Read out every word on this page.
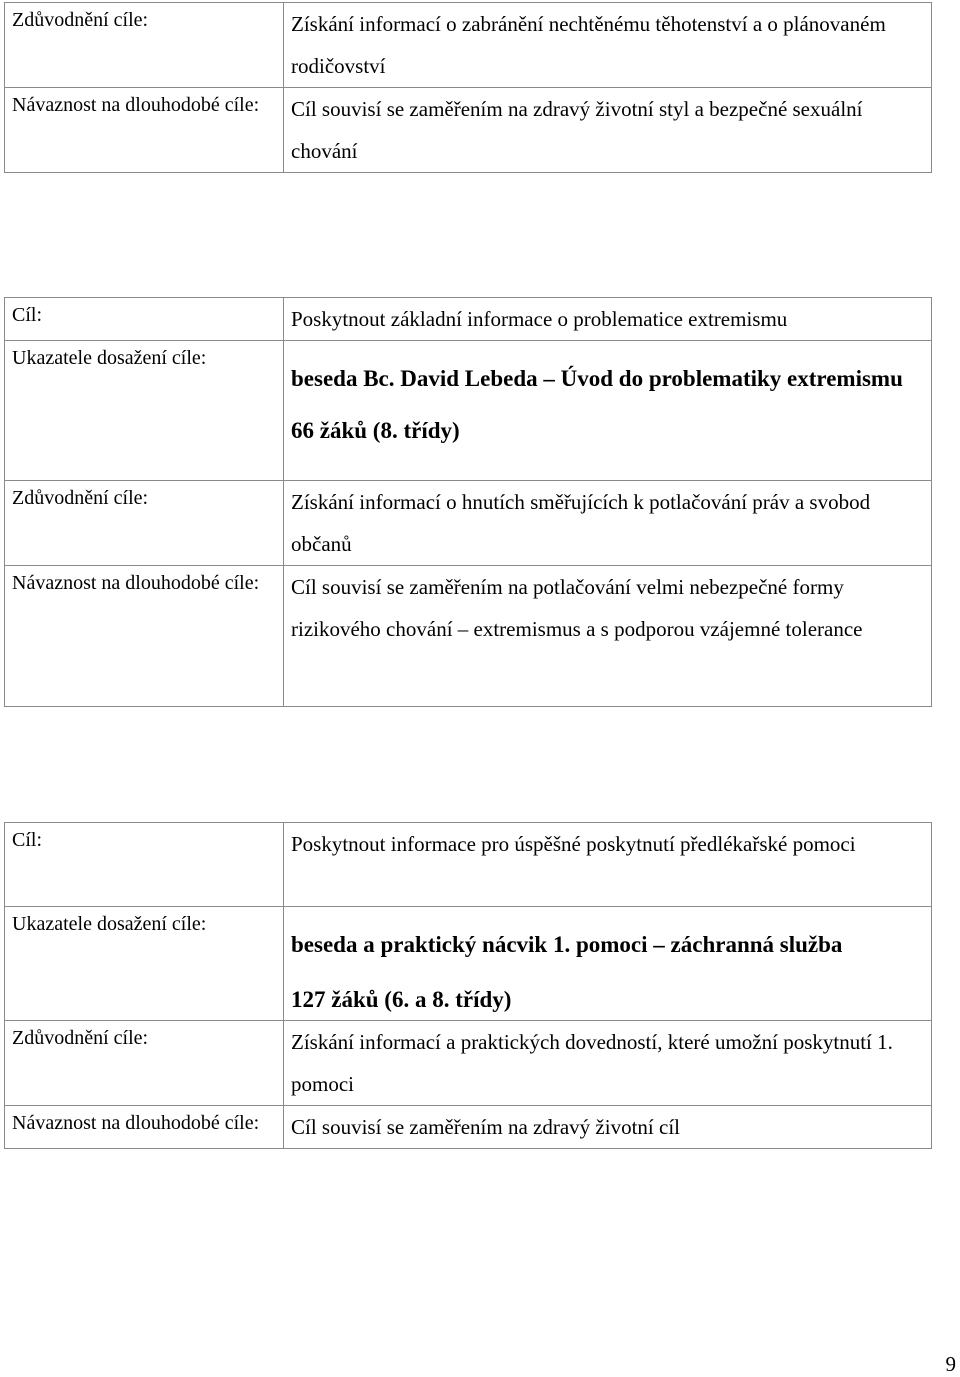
Zdůvodnění cíle:	Získání informací o zabránění nechtěnému těhotenství a o plánovaném rodičovství

Návaznost na dlouhodobé cíle:	Cíl souvisí se zaměřením na zdravý životní styl a bezpečné sexuální chování
Cíl:	Poskytnout základní informace o problematice extremismu

Ukazatele dosažení cíle:	beseda Bc. David Lebeda – Úvod do problematiky extremismu
66 žáků (8. třídy)

Zdůvodnění cíle:	Získání informací o hnutích směřujících k potlačování práv a svobod občanů

Návaznost na dlouhodobé cíle:	Cíl souvisí se zaměřením na potlačování velmi nebezpečné formy rizikového chování – extremismus a s podporou vzájemné tolerance
Cíl:	Poskytnout informace pro úspěšné poskytnutí předlékařské pomoci

Ukazatele dosažení cíle:	beseda a praktický nácvik 1. pomoci – záchranná služba
127 žáků (6. a 8. třídy)

Zdůvodnění cíle:	Získání informací a praktických dovedností, které umožní poskytnutí 1. pomoci

Návaznost na dlouhodobé cíle:	Cíl souvisí se zaměřením na zdravý životní cíl
9
